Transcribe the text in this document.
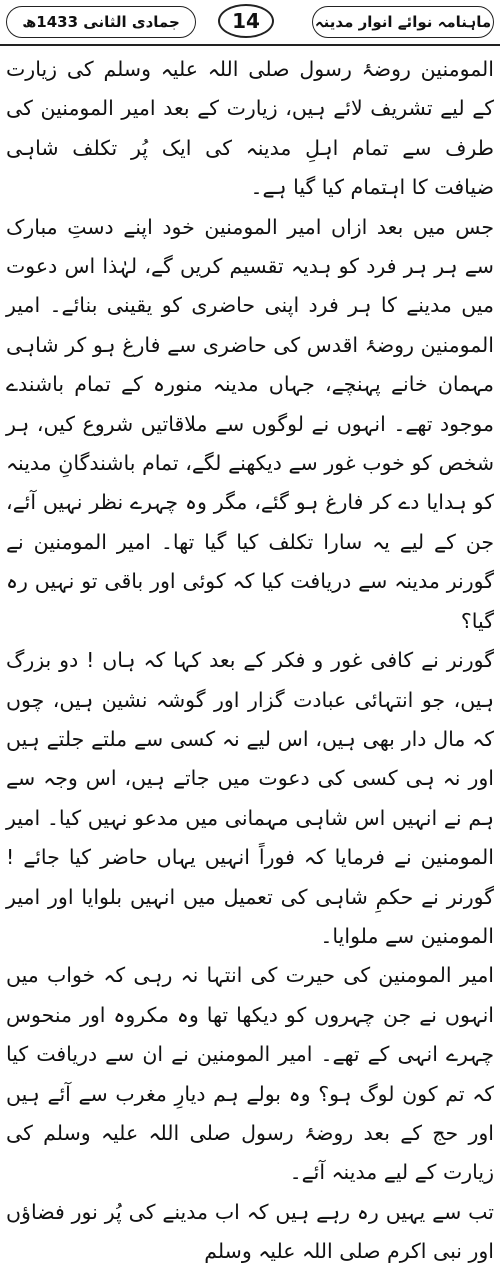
جمادی الثانی 1433ھ	14	ماہنامہ نوائے انوار مدینہ

المومنین روضۂ رسول صلی اللہ علیہ وسلم کی زیارت کے لیے تشریف لائے ہیں، زیارت کے بعد امیر المومنین کی طرف سے تمام اہلِ مدینہ کی ایک پُر تکلف شاہی ضیافت کا اہتمام کیا گیا ہے۔

جس میں بعد ازاں امیر المومنین خود اپنے دستِ مبارک سے ہر ہر فرد کو ہدیہ تقسیم کریں گے، لہٰذا اس دعوت میں مدینے کا ہر فرد اپنی حاضری کو یقینی بنائے۔ امیر المومنین روضۂ اقدس کی حاضری سے فارغ ہو کر شاہی مہمان خانے پہنچے، جہاں مدینہ منورہ کے تمام باشندے موجود تھے۔ انہوں نے لوگوں سے ملاقاتیں شروع کیں، ہر شخص کو خوب غور سے دیکھنے لگے، تمام باشندگانِ مدینہ کو ہدایا دے کر فارغ ہو گئے، مگر وہ چہرے نظر نہیں آئے، جن کے لیے یہ سارا تکلف کیا گیا تھا۔ امیر المومنین نے گورنر مدینہ سے دریافت کیا کہ کوئی اور باقی تو نہیں رہ گیا؟

گورنر نے کافی غور و فکر کے بعد کہا کہ ہاں ! دو بزرگ ہیں، جو انتہائی عبادت گزار اور گوشہ نشین ہیں، چوں کہ مال دار بھی ہیں، اس لیے نہ کسی سے ملتے جلتے ہیں اور نہ ہی کسی کی دعوت میں جاتے ہیں، اس وجہ سے ہم نے انہیں اس شاہی مہمانی میں مدعو نہیں کیا۔ امیر المومنین نے فرمایا کہ فوراً انہیں یہاں حاضر کیا جائے ! گورنر نے حکمِ شاہی کی تعمیل میں انہیں بلوایا اور امیر المومنین سے ملوایا۔

امیر المومنین کی حیرت کی انتہا نہ رہی کہ خواب میں انہوں نے جن چہروں کو دیکھا تھا وہ مکروہ اور منحوس چہرے انہی کے تھے۔ امیر المومنین نے ان سے دریافت کیا کہ تم کون لوگ ہو؟ وہ بولے ہم دیارِ مغرب سے آئے ہیں اور حج کے بعد روضۂ رسول صلی اللہ علیہ وسلم کی زیارت کے لیے مدینہ آئے۔

تب سے یہیں رہ رہے ہیں کہ اب مدینے کی پُر نور فضاؤں اور نبی اکرم صلی اللہ علیہ وسلم
